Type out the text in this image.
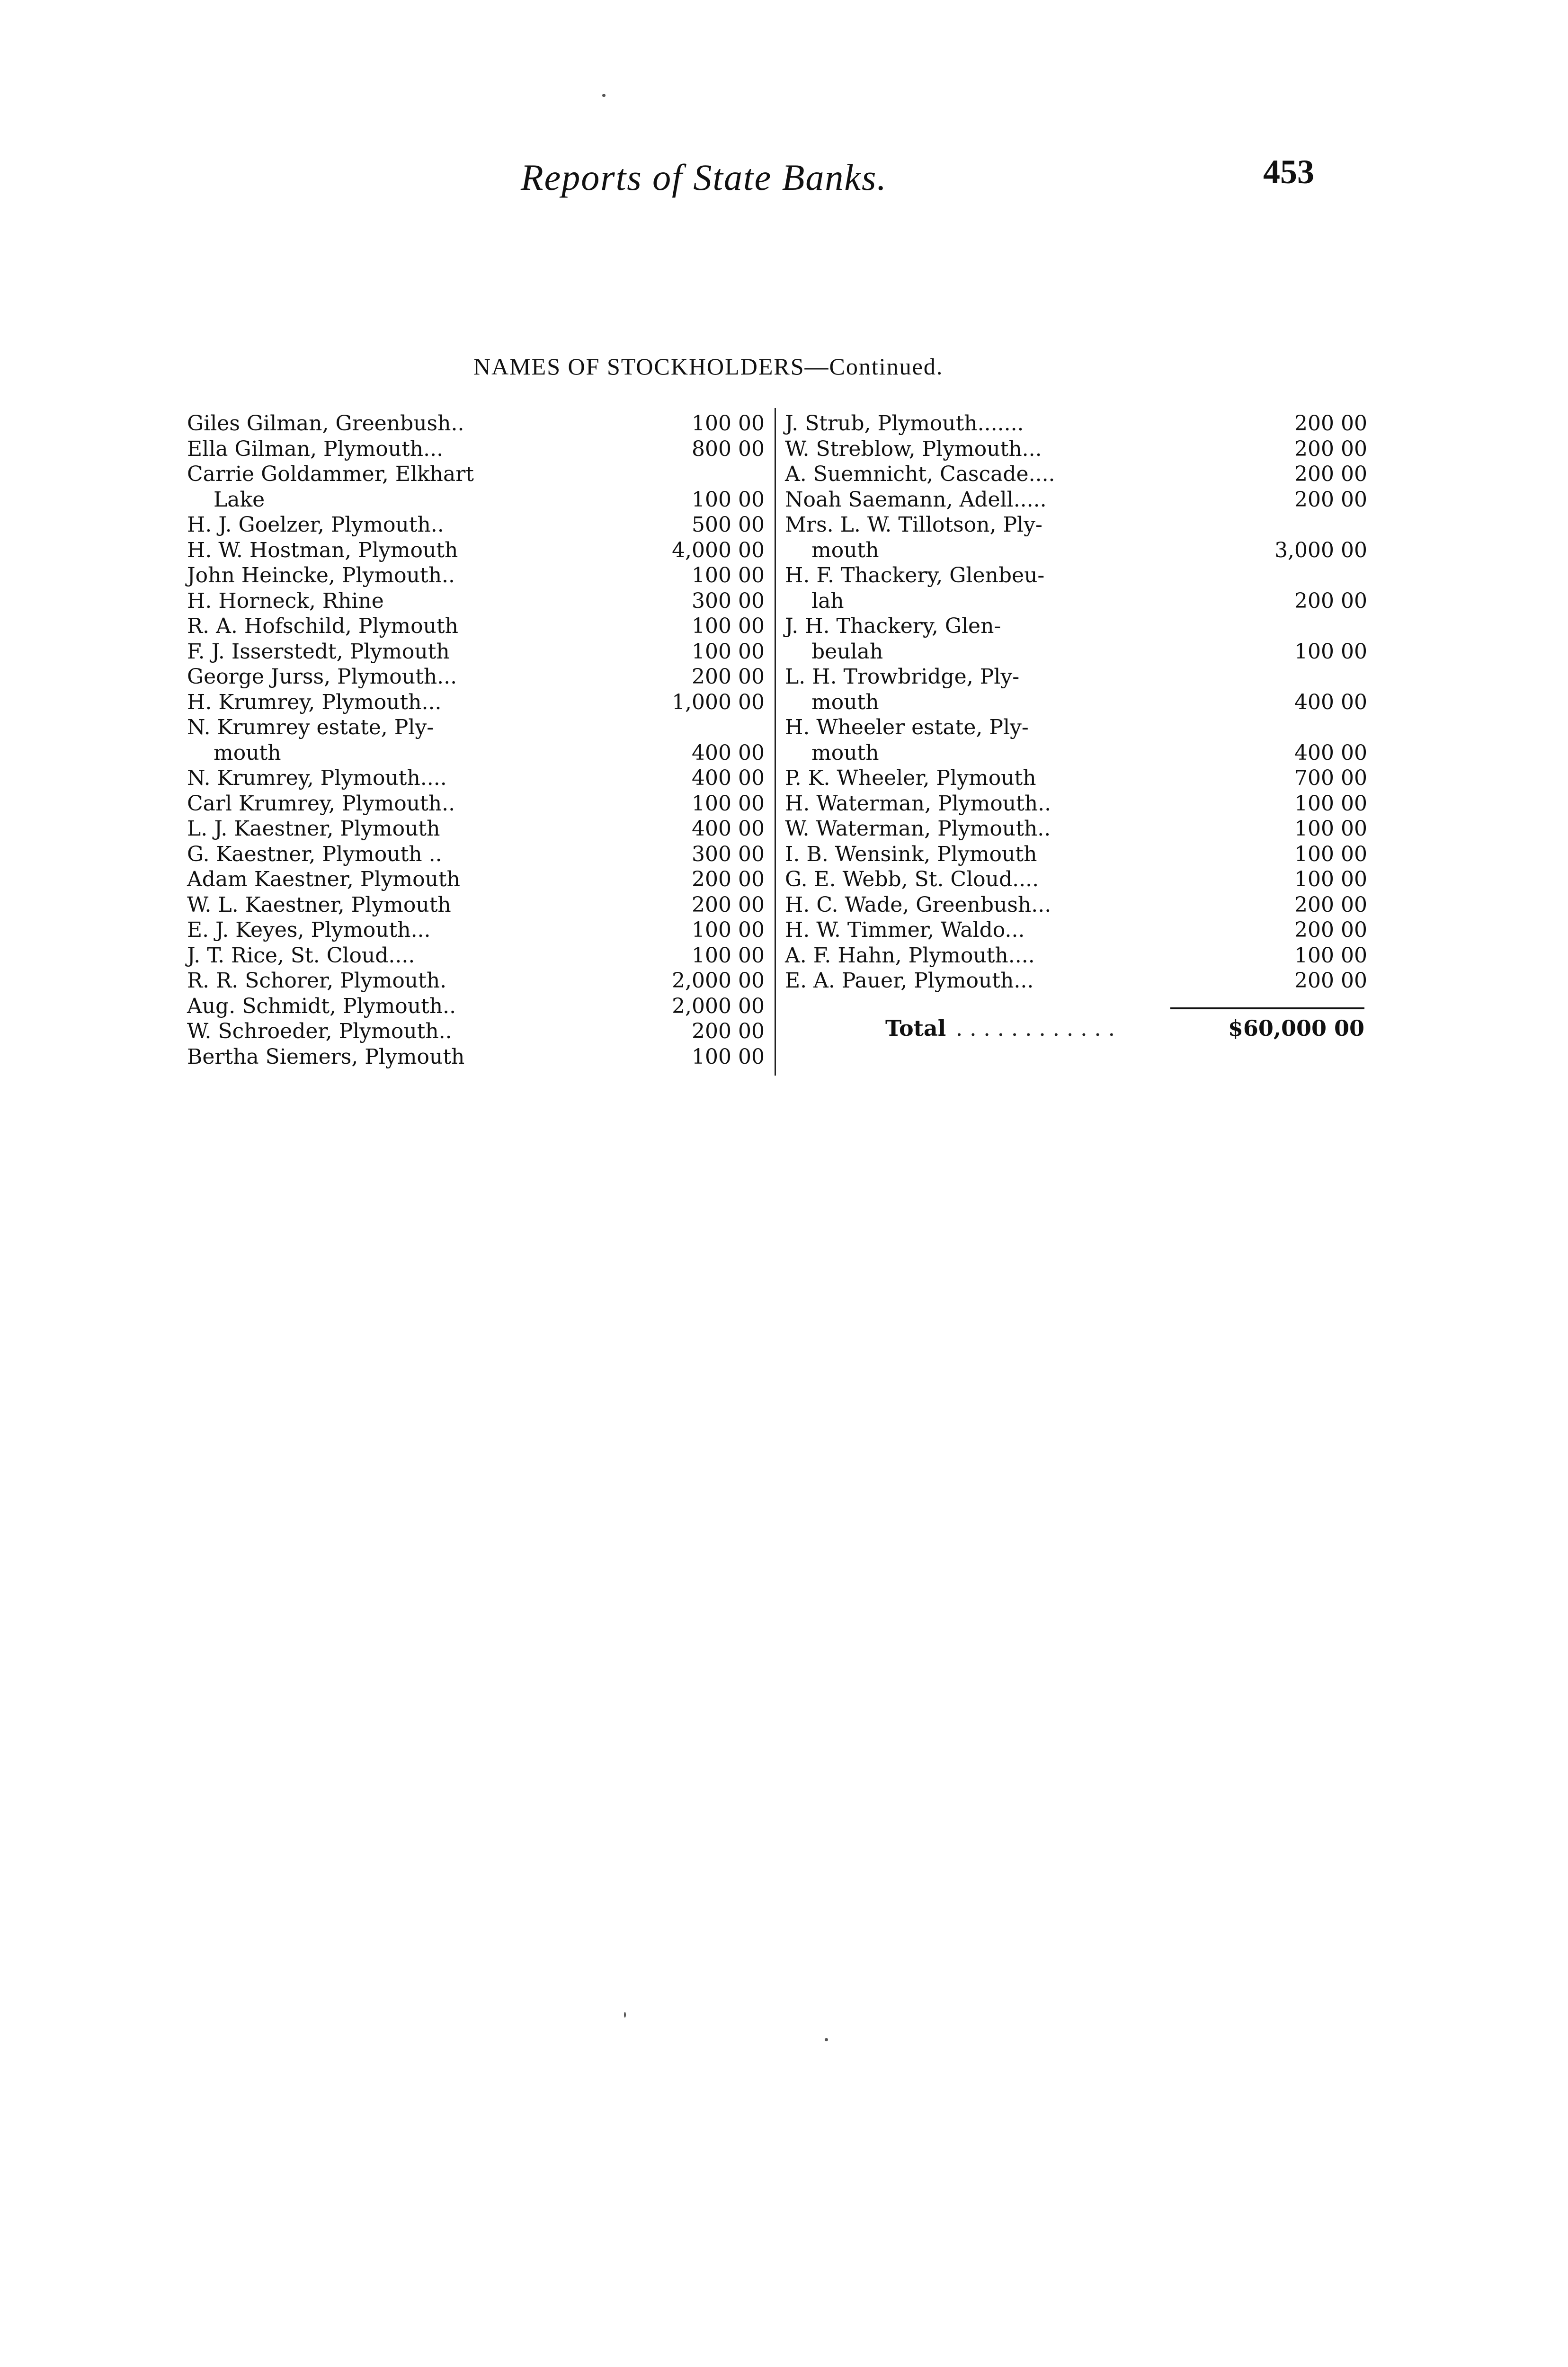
Reports of State Banks.	453
NAMES OF STOCKHOLDERS—Continued.
Giles Gilman, Greenbush..	100 00
Ella Gilman, Plymouth...	800 00
Carrie Goldammer, Elkhart
Lake	100 00
H. J. Goelzer, Plymouth..	500 00
H. W. Hostman, Plymouth	4,000 00
John Heincke, Plymouth..	100 00
H. Horneck, Rhine	300 00
R. A. Hofschild, Plymouth	100 00
F. J. Isserstedt, Plymouth	100 00
George Jurss, Plymouth...	200 00
H. Krumrey, Plymouth...	1,000 00
N. Krumrey estate, Ply-
mouth	400 00
N. Krumrey, Plymouth....	400 00
Carl Krumrey, Plymouth..	100 00
L. J. Kaestner, Plymouth	400 00
G. Kaestner, Plymouth ..	300 00
Adam Kaestner, Plymouth	200 00
W. L. Kaestner, Plymouth	200 00
E. J. Keyes, Plymouth...	100 00
J. T. Rice, St. Cloud....	100 00
R. R. Schorer, Plymouth.	2,000 00
Aug. Schmidt, Plymouth..	2,000 00
W. Schroeder, Plymouth..	200 00
Bertha Siemers, Plymouth	100 00
J. Strub, Plymouth.......	200 00
W. Streblow, Plymouth...	200 00
A. Suemnicht, Cascade....	200 00
Noah Saemann, Adell.....	200 00
Mrs. L. W. Tillotson, Ply-
mouth	3,000 00
H. F. Thackery, Glenbeu-
lah	200 00
J. H. Thackery, Glen-
beulah	100 00
L. H. Trowbridge, Ply-
mouth	400 00
H. Wheeler estate, Ply-
mouth	400 00
P. K. Wheeler, Plymouth	700 00
H. Waterman, Plymouth..	100 00
W. Waterman, Plymouth..	100 00
I. B. Wensink, Plymouth	100 00
G. E. Webb, St. Cloud....	100 00
H. C. Wade, Greenbush...	200 00
H. W. Timmer, Waldo...	200 00
A. F. Hahn, Plymouth....	100 00
E. A. Pauer, Plymouth...	200 00
Total . . . . . . . . . . . .	$60,000 00
